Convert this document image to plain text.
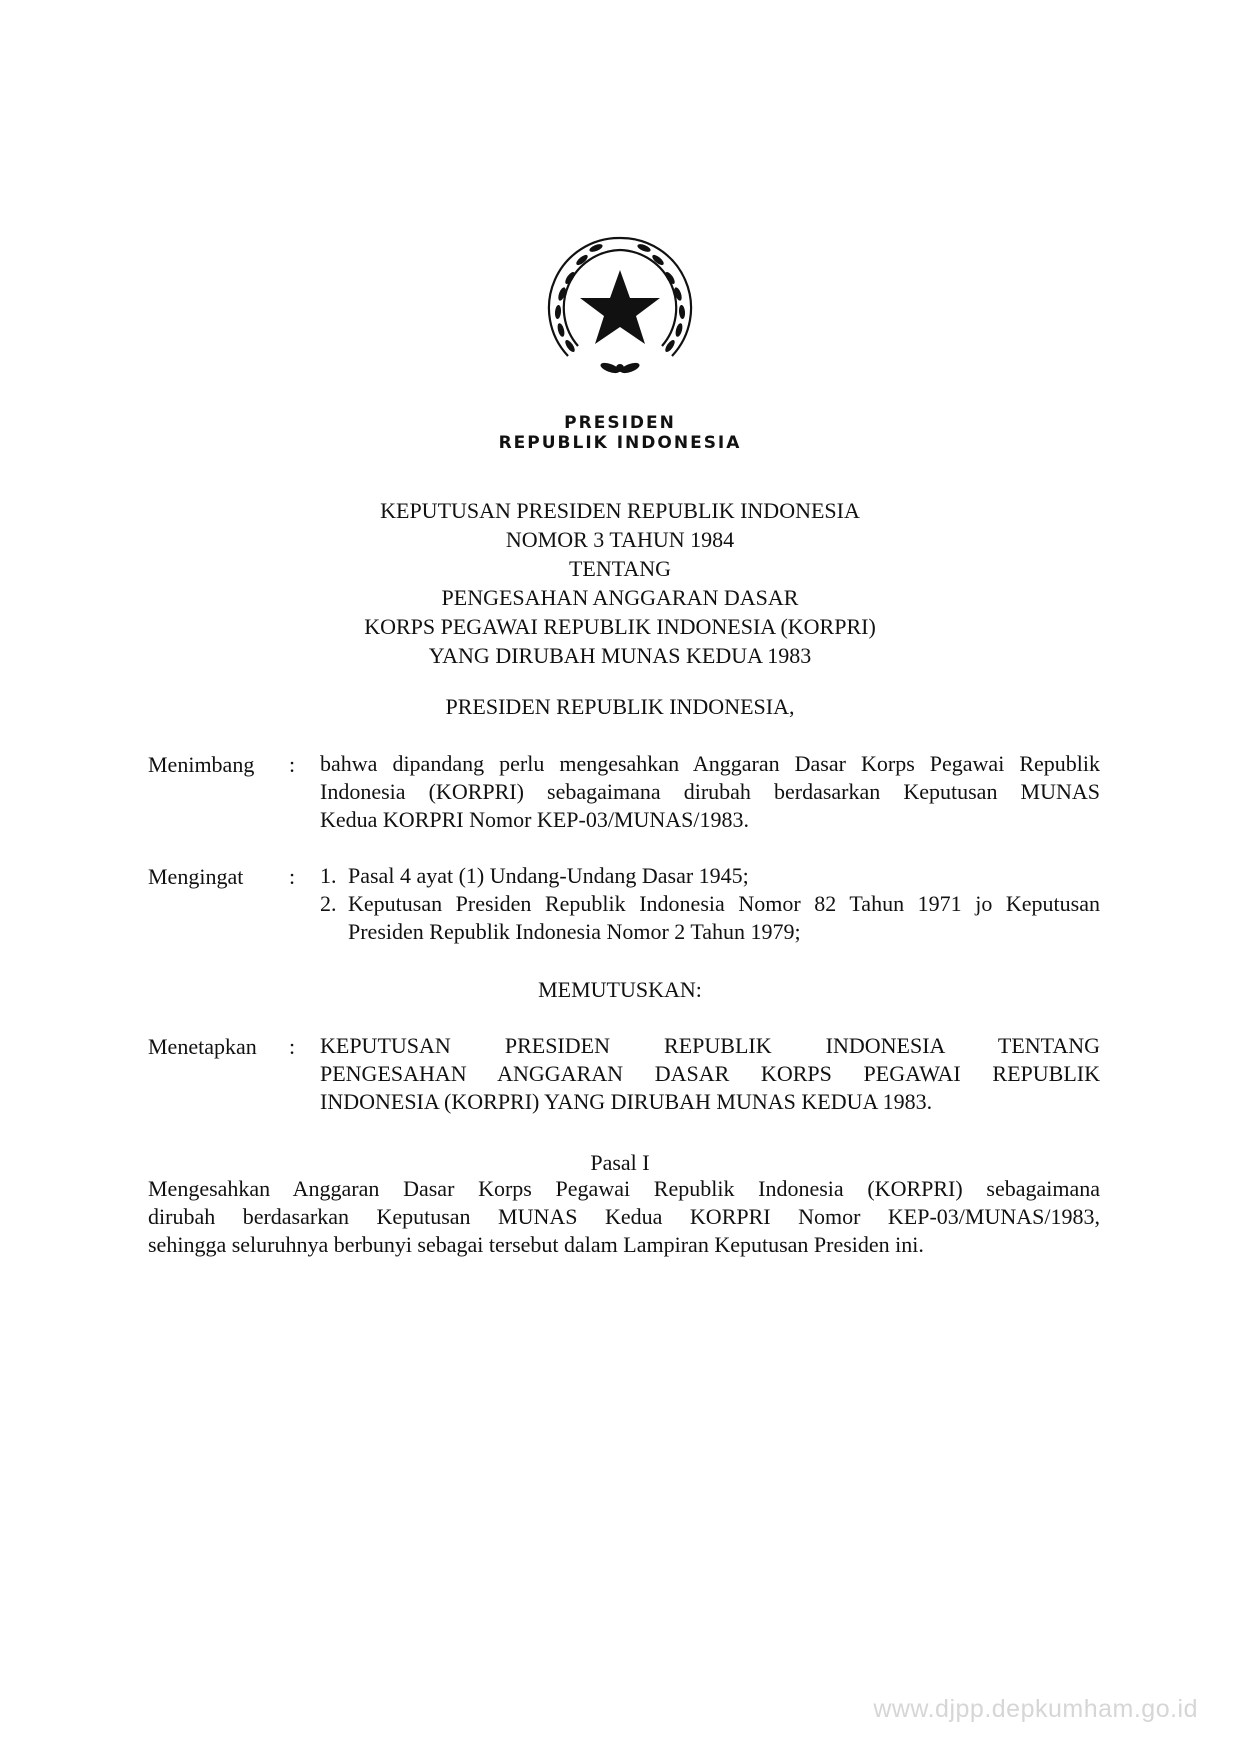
PRESIDEN
REPUBLIK INDONESIA
KEPUTUSAN PRESIDEN REPUBLIK INDONESIA
NOMOR 3 TAHUN 1984
TENTANG
PENGESAHAN ANGGARAN DASAR
KORPS PEGAWAI REPUBLIK INDONESIA (KORPRI)
YANG DIRUBAH MUNAS KEDUA 1983
PRESIDEN REPUBLIK INDONESIA,
Menimbang : bahwa dipandang perlu mengesahkan Anggaran Dasar Korps Pegawai Republik
Indonesia (KORPRI) sebagaimana dirubah berdasarkan Keputusan MUNAS
Kedua KORPRI Nomor KEP-03/MUNAS/1983.
Mengingat : 1. Pasal 4 ayat (1) Undang-Undang Dasar 1945;
2. Keputusan Presiden Republik Indonesia Nomor 82 Tahun 1971 jo Keputusan
Presiden Republik Indonesia Nomor 2 Tahun 1979;
MEMUTUSKAN:
Menetapkan : KEPUTUSAN PRESIDEN REPUBLIK INDONESIA TENTANG
PENGESAHAN ANGGARAN DASAR KORPS PEGAWAI REPUBLIK
INDONESIA (KORPRI) YANG DIRUBAH MUNAS KEDUA 1983.
Pasal I
Mengesahkan Anggaran Dasar Korps Pegawai Republik Indonesia (KORPRI) sebagaimana
dirubah berdasarkan Keputusan MUNAS Kedua KORPRI Nomor KEP-03/MUNAS/1983,
sehingga seluruhnya berbunyi sebagai tersebut dalam Lampiran Keputusan Presiden ini.
www.djpp.depkumham.go.id
